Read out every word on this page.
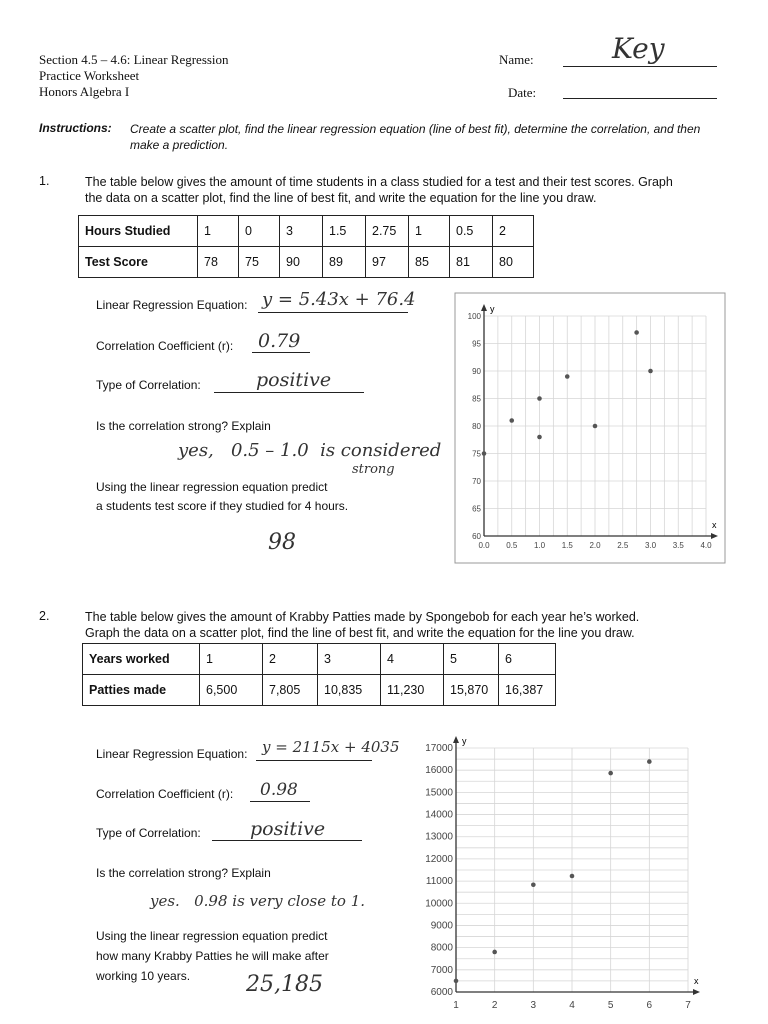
Section 4.5 – 4.6: Linear Regression
Practice Worksheet
Honors Algebra I
Name:	Key
Date:
Instructions: Create a scatter plot, find the linear regression equation (line of best fit), determine the correlation, and then make a prediction.
1.	The table below gives the amount of time students in a class studied for a test and their test scores. Graph the data on a scatter plot, find the line of best fit, and write the equation for the line you draw.
Hours Studied	1	0	3	1.5	2.75	1	0.5	2
Test Score	78	75	90	89	97	85	81	80
Linear Regression Equation: y = 5.43x + 76.4
Correlation Coefficient (r): 0.79
Type of Correlation:	positive
Is the correlation strong? Explain
yes,   0.5 – 1.0  is considered
strong
Using the linear regression equation predict
a students test score if they studied for 4 hours.
98
x
y
0.0 0.5 1.0 1.5 2.0 2.5 3.0 3.5 4.0
60
65
70
75
80
85
90
95
100
2.	The table below gives the amount of Krabby Patties made by Spongebob for each year he’s worked. Graph the data on a scatter plot, find the line of best fit, and write the equation for the line you draw.
Years worked	1	2	3	4	5	6
Patties made	6,500	7,805	10,835	11,230	15,870	16,387
Linear Regression Equation: y = 2115x + 4035
Correlation Coefficient (r): 0.98
Type of Correlation:	positive
Is the correlation strong? Explain
yes.   0.98 is very close to 1.
Using the linear regression equation predict
how many Krabby Patties he will make after
working 10 years.	25,185	x
y
1	2	3	4	5	6	7
6000
7000
8000
9000
10000
11000
12000
13000
14000
15000
16000
17000
